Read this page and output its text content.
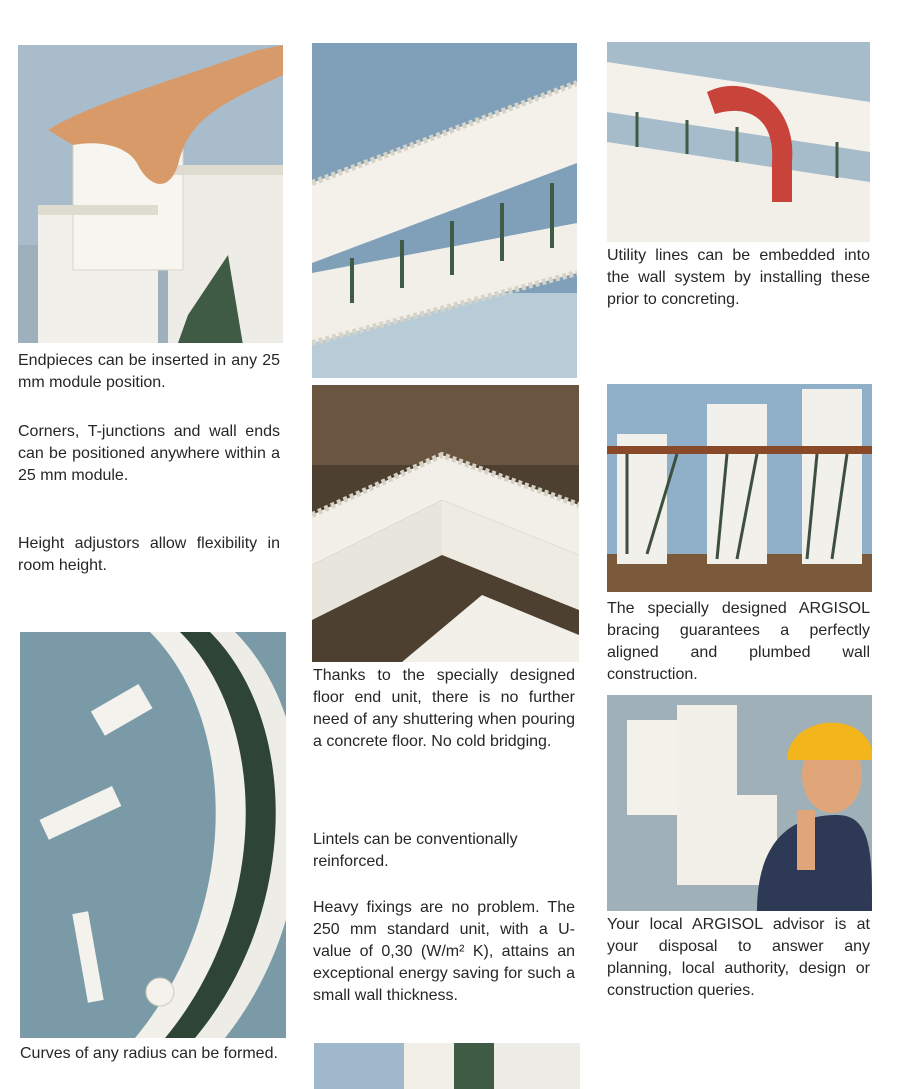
Utility lines can be embedded into the wall system by installing these prior to concreting.

Endpieces can be inserted in any 25 mm module position.

Corners, T-junctions and wall ends can be positioned anywhere within a 25 mm module.

Height adjustors allow flexibility in room height.

The specially designed ARGISOL bracing guarantees a perfectly aligned and plumbed wall construction.

Curves of any radius can be formed.

Thanks to the specially designed floor end unit, there is no further need of any shuttering when pouring a concrete floor. No cold bridging.

Lintels can be conventionally reinforced.

Heavy fixings are no problem. The 250 mm standard unit, with a U-value of 0,30 (W/m² K), attains an exceptional energy saving for such a small wall thickness.

Your local ARGISOL advisor is at your disposal to answer any planning, local authority, design or construction queries.
